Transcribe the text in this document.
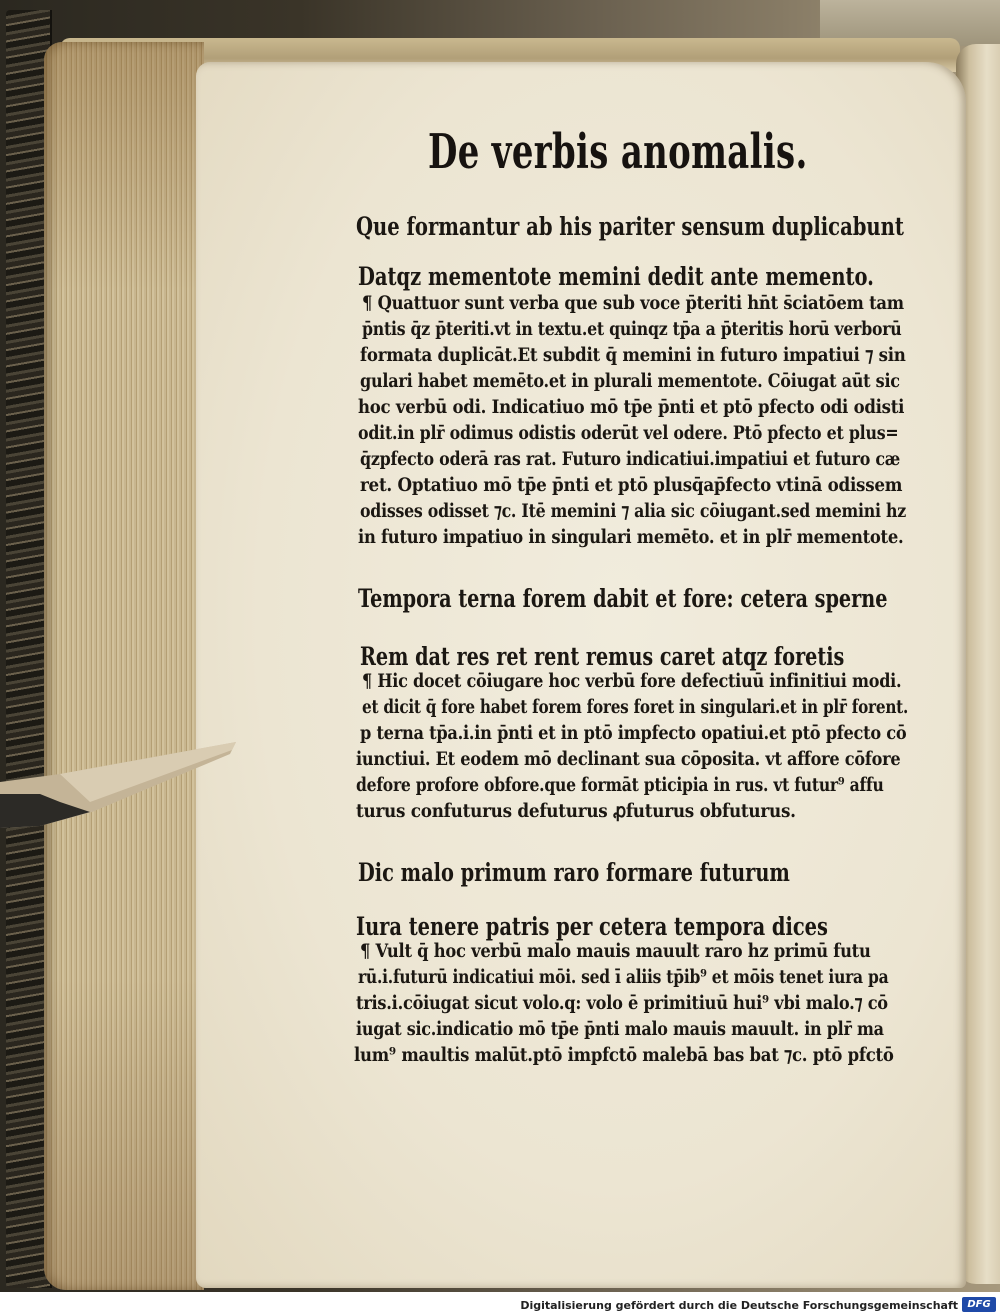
De verbis anomalis.
Que formantur ab his pariter sensum duplicabunt
Datqz mementote memini dedit ante memento.
¶ Quattuor sunt verba que sub voce p̄teriti hn̄t s̄ciatōem tam
p̄ntis q̄z p̄teriti.vt in textu.et quinqz tp̄a a p̄teritis horū verborū
formata duplicāt.Et subdit q̄ memini in futuro impatiui ⁊ sin
gulari habet memēto.et in plurali mementote. Cōiugat aūt sic
hoc verbū odi. Indicatiuo mō tp̄e p̄nti et ptō pfecto odi odisti
odit.in plr̄ odimus odistis oderūt vel odere. Ptō pfecto et plus=
q̄zpfecto oderā ras rat. Futuro indicatiui.impatiui et futuro cæ
ret. Optatiuo mō tp̄e p̄nti et ptō plusq̄ap̄fecto vtinā odissem
odisses odisset ⁊c. Itē memini ⁊ alia sic cōiugant.sed memini hz
in futuro impatiuo in singulari memēto. et in plr̄ mementote.
Tempora terna forem dabit et fore: cetera sperne
Rem dat res ret rent remus caret atqz foretis
¶ Hic docet cōiugare hoc verbū fore defectiuū infinitiui modi.
et dicit q̄ fore habet forem fores foret in singulari.et in plr̄ forent.
p terna tp̄a.i.in p̄nti et in ptō impfecto opatiui.et ptō pfecto cō
iunctiui. Et eodem mō declinant sua cōposita. vt affore cōfore
defore profore obfore.que formāt pticipia in rus. vt futur⁹ affu
turus confuturus defuturus ꝓfuturus obfuturus.
Dic malo primum raro formare futurum
Iura tenere patris per cetera tempora dices
¶ Vult q̄ hoc verbū malo mauis mauult raro hz primū futu
rū.i.futurū indicatiui mōi. sed ī aliis tp̄ib⁹ et mōis tenet iura pa
tris.i.cōiugat sicut volo.q: volo ē primitiuū hui⁹ vbi malo.⁊ cō
iugat sic.indicatio mō tp̄e p̄nti malo mauis mauult. in plr̄ ma
lum⁹ maulti̇s malūt.ptō impfctō malebā bas bat ⁊c. ptō pfctō
Digitalisierung gefördert durch die Deutsche Forschungsgemeinschaft DFG
